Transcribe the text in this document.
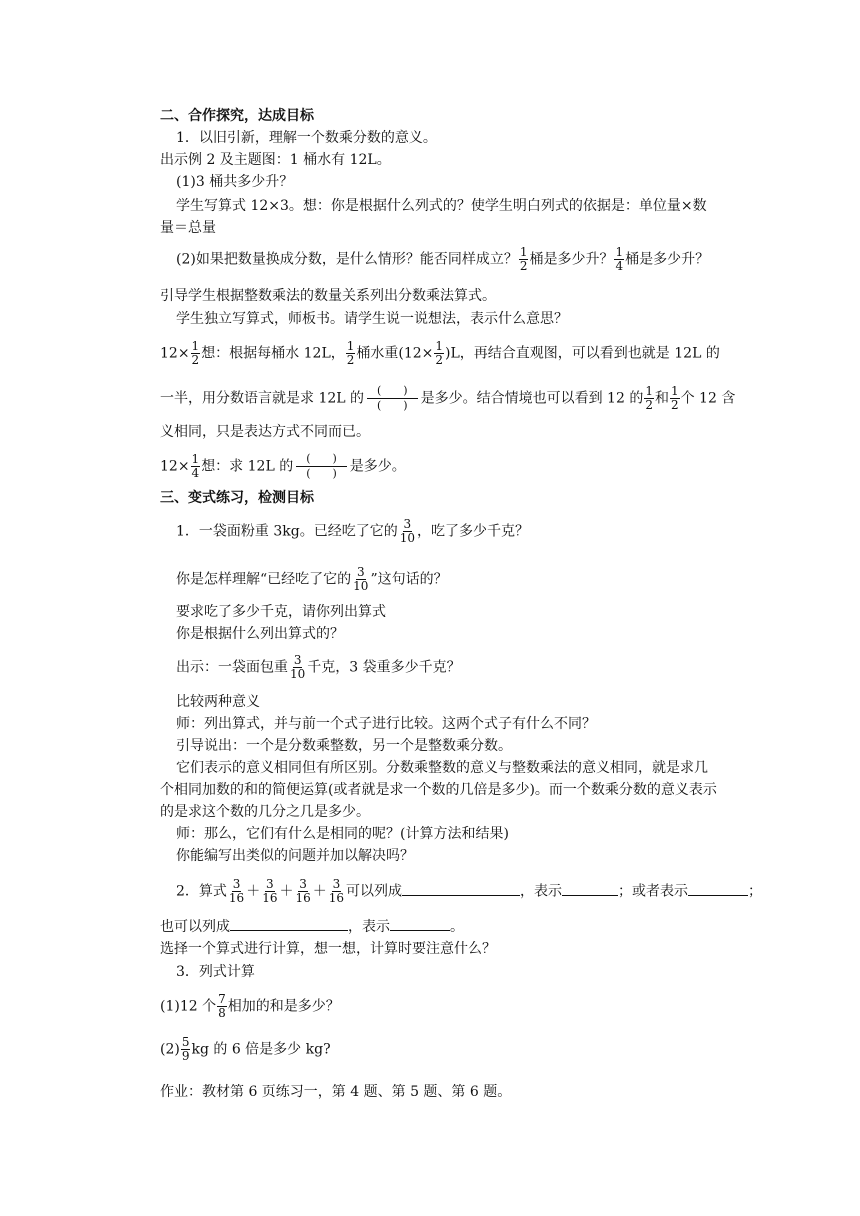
二、合作探究，达成目标
1．以旧引新，理解一个数乘分数的意义。
出示例 2 及主题图：1 桶水有 12L。
(1)3 桶共多少升？
学生写算式 12×3。想：你是根据什么列式的？使学生明白列式的依据是：单位量×数
量＝总量
(2)如果把数量换成分数，是什么情形？能否同样成立？ $\frac{1}{2}$ 桶是多少升？ $\frac{1}{4}$ 桶是多少升？
引导学生根据整数乘法的数量关系列出分数乘法算式。
学生独立写算式，师板书。请学生说一说想法，表示什么意思？
$12\times \frac{1}{2}$ 想：根据每桶水 12L， $\frac{1}{2}$ 桶水重$(12\times \frac{1}{2} )L$，再结合直观图，可以看到也就是 12L 的
一半，用分数语言就是求 12L 的	(　　)
(　　) 是多少。结合情境也可以看到 12 的 $\frac{1}{2}$ 和 $\frac{1}{2}$ 个 12 含
义相同，只是表达方式不同而已。
$12\times \frac{1}{4}$ 想：求 12L 的	(　　)
(　　) 是多少。
三、变式练习，检测目标
1．一袋面粉重 3kg。已经吃了它的 $\frac{3}{10}$ ，吃了多少千克？
你是怎样理解“已经吃了它的 $\frac{3}{10}$ ”这句话的？
要求吃了多少千克，请你列出算式
你是根据什么列出算式的？
出示：一袋面包重 $\frac{3}{10}$ 千克，3 袋重多少千克？
比较两种意义
师：列出算式，并与前一个式子进行比较。这两个式子有什么不同？
引导说出：一个是分数乘整数，另一个是整数乘分数。
它们表示的意义相同但有所区别。分数乘整数的意义与整数乘法的意义相同，就是求几
个相同加数的和的简便运算(或者就是求一个数的几倍是多少)。而一个数乘分数的意义表示
的是求这个数的几分之几是多少。
师：那么，它们有什么是相同的呢？(计算方法和结果)
你能编写出类似的问题并加以解决吗？
2．算式 $\frac{3}{16} + \frac{3}{16} + \frac{3}{16} + \frac{3}{16}$ 可以列成	，表示	；或者表示	；
也可以列成	，表示	。
选择一个算式进行计算，想一想，计算时要注意什么？
3．列式计算
(1)12 个 $\frac{7}{8}$ 相加的和是多少？
$(2) \frac{5}{9}$ kg 的 6 倍是多少 kg?
作业：教材第 6 页练习一，第 4 题、第 5 题、第 6 题。
